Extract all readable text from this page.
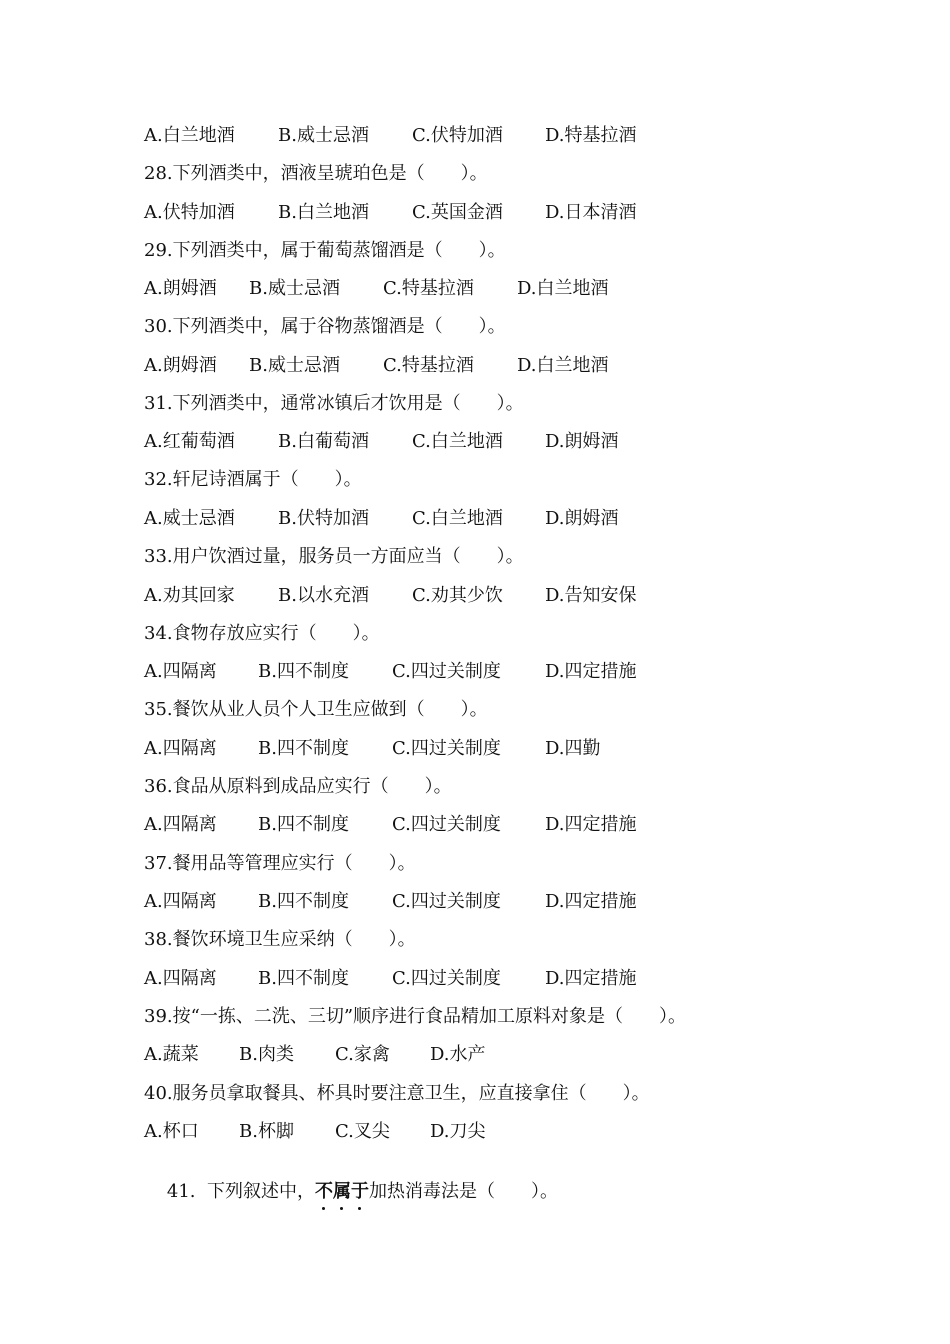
A.白兰地酒

B.威士忌酒

C.伏特加酒

D.特基拉酒

28.下列酒类中，酒液呈琥珀色是（　　）。

A.伏特加酒

B.白兰地酒

C.英国金酒

D.日本清酒

29.下列酒类中，属于葡萄蒸馏酒是（　　）。

A.朗姆酒

B.威士忌酒

C.特基拉酒

D.白兰地酒

30.下列酒类中，属于谷物蒸馏酒是（　　）。

A.朗姆酒

B.威士忌酒

C.特基拉酒

D.白兰地酒

31.下列酒类中，通常冰镇后才饮用是（　　）。

A.红葡萄酒

B.白葡萄酒

C.白兰地酒

D.朗姆酒

32.轩尼诗酒属于（　　）。

A.威士忌酒

B.伏特加酒

C.白兰地酒

D.朗姆酒

33.用户饮酒过量，服务员一方面应当（　　）。

A.劝其回家

B.以水充酒

C.劝其少饮

D.告知安保

34.食物存放应实行（　　）。

A.四隔离

B.四不制度

C.四过关制度

D.四定措施

35.餐饮从业人员个人卫生应做到（　　）。

A.四隔离

B.四不制度

C.四过关制度

D.四勤

36.食品从原料到成品应实行（　　）。

A.四隔离

B.四不制度

C.四过关制度

D.四定措施

37.餐用品等管理应实行（　　）。

A.四隔离

B.四不制度

C.四过关制度

D.四定措施

38.餐饮环境卫生应采纳（　　）。

A.四隔离

B.四不制度

C.四过关制度

D.四定措施

39.按“一拣、二洗、三切”顺序进行食品精加工原料对象是（　　）。

A.蔬菜

B.肉类

C.家禽

D.水产

40.服务员拿取餐具、杯具时要注意卫生，应直接拿住（　　）。

A.杯口

B.杯脚

C.叉尖

D.刀尖

41.  下列叙述中，不属于加热消毒法是（　　）。
